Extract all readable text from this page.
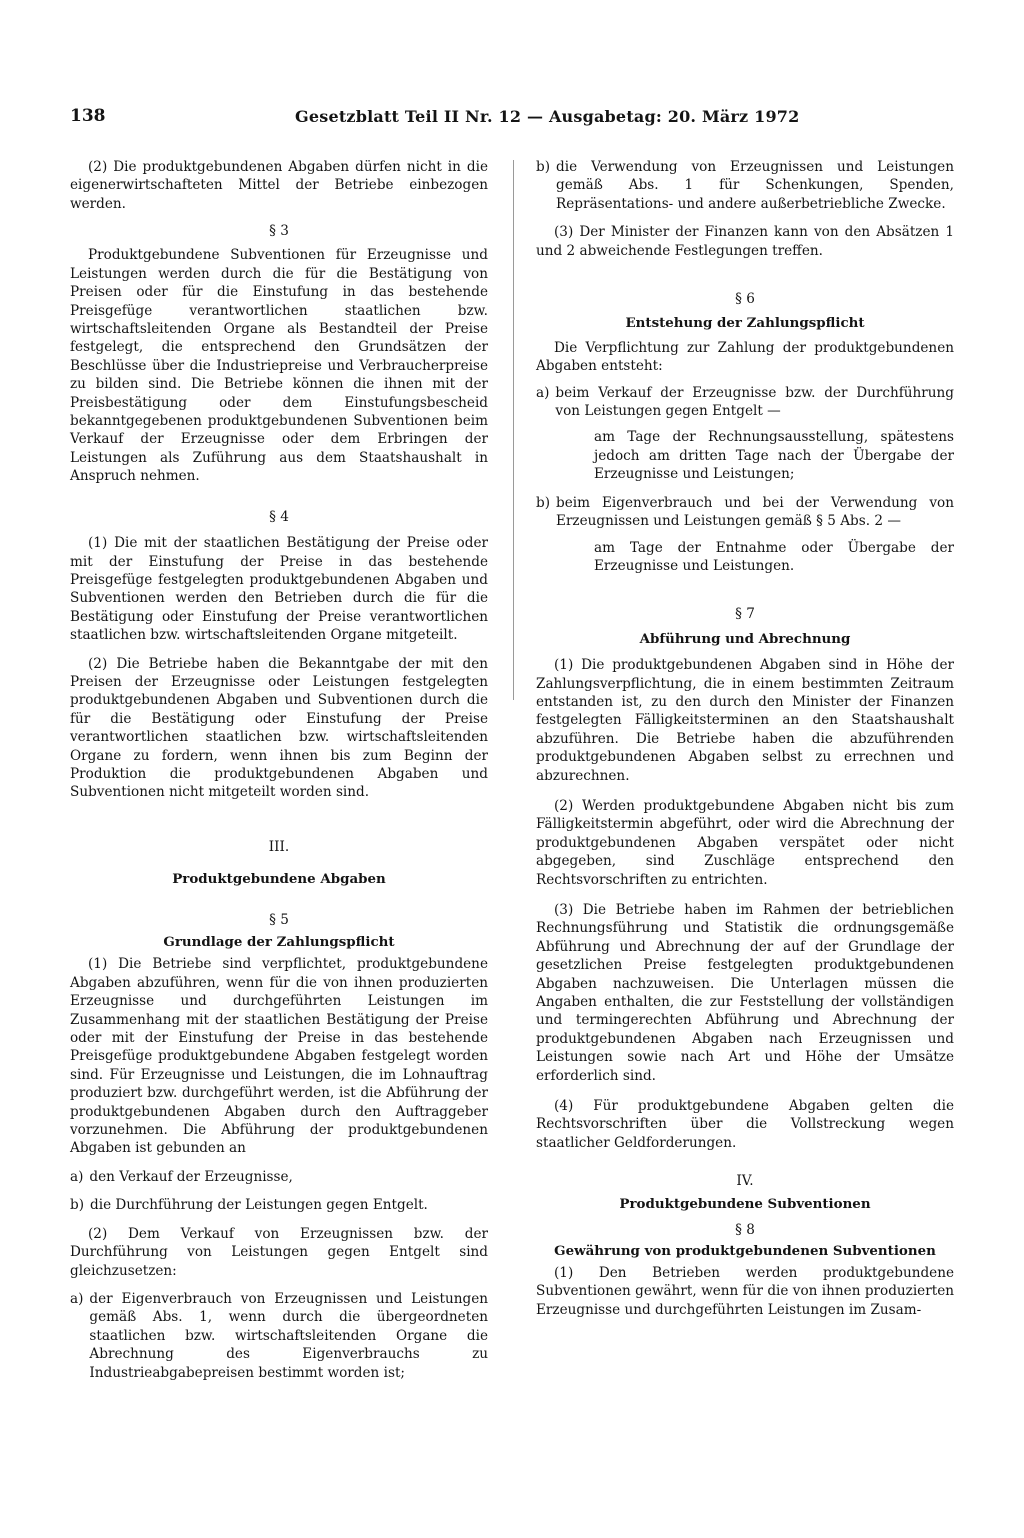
138	Gesetzblatt Teil II Nr. 12 — Ausgabetag: 20. März 1972

(2) Die produktgebundenen Abgaben dürfen nicht in die eigenerwirtschafteten Mittel der Betriebe einbezogen werden.

§ 3

Produktgebundene Subventionen für Erzeugnisse und Leistungen werden durch die für die Bestätigung von Preisen oder für die Einstufung in das bestehende Preisgefüge verantwortlichen staatlichen bzw. wirtschaftsleitenden Organe als Bestandteil der Preise festgelegt, die entsprechend den Grundsätzen der Beschlüsse über die Industriepreise und Verbraucherpreise zu bilden sind. Die Betriebe können die ihnen mit der Preisbestätigung oder dem Einstufungsbescheid bekanntgegebenen produktgebundenen Subventionen beim Verkauf der Erzeugnisse oder dem Erbringen der Leistungen als Zuführung aus dem Staatshaushalt in Anspruch nehmen.

§ 4

(1) Die mit der staatlichen Bestätigung der Preise oder mit der Einstufung der Preise in das bestehende Preisgefüge festgelegten produktgebundenen Abgaben und Subventionen werden den Betrieben durch die für die Bestätigung oder Einstufung der Preise verantwortlichen staatlichen bzw. wirtschaftsleitenden Organe mitgeteilt.

(2) Die Betriebe haben die Bekanntgabe der mit den Preisen der Erzeugnisse oder Leistungen festgelegten produktgebundenen Abgaben und Subventionen durch die für die Bestätigung oder Einstufung der Preise verantwortlichen staatlichen bzw. wirtschaftsleitenden Organe zu fordern, wenn ihnen bis zum Beginn der Produktion die produktgebundenen Abgaben und Subventionen nicht mitgeteilt worden sind.

III.

Produktgebundene Abgaben

§ 5

Grundlage der Zahlungspflicht

(1) Die Betriebe sind verpflichtet, produktgebundene Abgaben abzuführen, wenn für die von ihnen produzierten Erzeugnisse und durchgeführten Leistungen im Zusammenhang mit der staatlichen Bestätigung der Preise oder mit der Einstufung der Preise in das bestehende Preisgefüge produktgebundene Abgaben festgelegt worden sind. Für Erzeugnisse und Leistungen, die im Lohnauftrag produziert bzw. durchgeführt werden, ist die Abführung der produktgebundenen Abgaben durch den Auftraggeber vorzunehmen. Die Abführung der produktgebundenen Abgaben ist gebunden an

a) den Verkauf der Erzeugnisse,
b) die Durchführung der Leistungen gegen Entgelt.

(2) Dem Verkauf von Erzeugnissen bzw. der Durchführung von Leistungen gegen Entgelt sind gleichzusetzen:

a) der Eigenverbrauch von Erzeugnissen und Leistungen gemäß Abs. 1, wenn durch die übergeordneten staatlichen bzw. wirtschaftsleitenden Organe die Abrechnung des Eigenverbrauchs zu Industrieabgabepreisen bestimmt worden ist;
b) die Verwendung von Erzeugnissen und Leistungen gemäß Abs. 1 für Schenkungen, Spenden, Repräsentations- und andere außerbetriebliche Zwecke.

(3) Der Minister der Finanzen kann von den Absätzen 1 und 2 abweichende Festlegungen treffen.

§ 6

Entstehung der Zahlungspflicht

Die Verpflichtung zur Zahlung der produktgebundenen Abgaben entsteht:

a) beim Verkauf der Erzeugnisse bzw. der Durchführung von Leistungen gegen Entgelt —

am Tage der Rechnungsausstellung, spätestens jedoch am dritten Tage nach der Übergabe der Erzeugnisse und Leistungen;

b) beim Eigenverbrauch und bei der Verwendung von Erzeugnissen und Leistungen gemäß § 5 Abs. 2 —

am Tage der Entnahme oder Übergabe der Erzeugnisse und Leistungen.

§ 7

Abführung und Abrechnung

(1) Die produktgebundenen Abgaben sind in Höhe der Zahlungsverpflichtung, die in einem bestimmten Zeitraum entstanden ist, zu den durch den Minister der Finanzen festgelegten Fälligkeitsterminen an den Staatshaushalt abzuführen. Die Betriebe haben die abzuführenden produktgebundenen Abgaben selbst zu errechnen und abzurechnen.

(2) Werden produktgebundene Abgaben nicht bis zum Fälligkeitstermin abgeführt, oder wird die Abrechnung der produktgebundenen Abgaben verspätet oder nicht abgegeben, sind Zuschläge entsprechend den Rechtsvorschriften zu entrichten.

(3) Die Betriebe haben im Rahmen der betrieblichen Rechnungsführung und Statistik die ordnungsgemäße Abführung und Abrechnung der auf der Grundlage der gesetzlichen Preise festgelegten produktgebundenen Abgaben nachzuweisen. Die Unterlagen müssen die Angaben enthalten, die zur Feststellung der vollständigen und termingerechten Abführung und Abrechnung der produktgebundenen Abgaben nach Erzeugnissen und Leistungen sowie nach Art und Höhe der Umsätze erforderlich sind.

(4) Für produktgebundene Abgaben gelten die Rechtsvorschriften über die Vollstreckung wegen staatlicher Geldforderungen.

IV.

Produktgebundene Subventionen

§ 8

Gewährung von produktgebundenen Subventionen

(1) Den Betrieben werden produktgebundene Subventionen gewährt, wenn für die von ihnen produzierten Erzeugnisse und durchgeführten Leistungen im Zusam-
